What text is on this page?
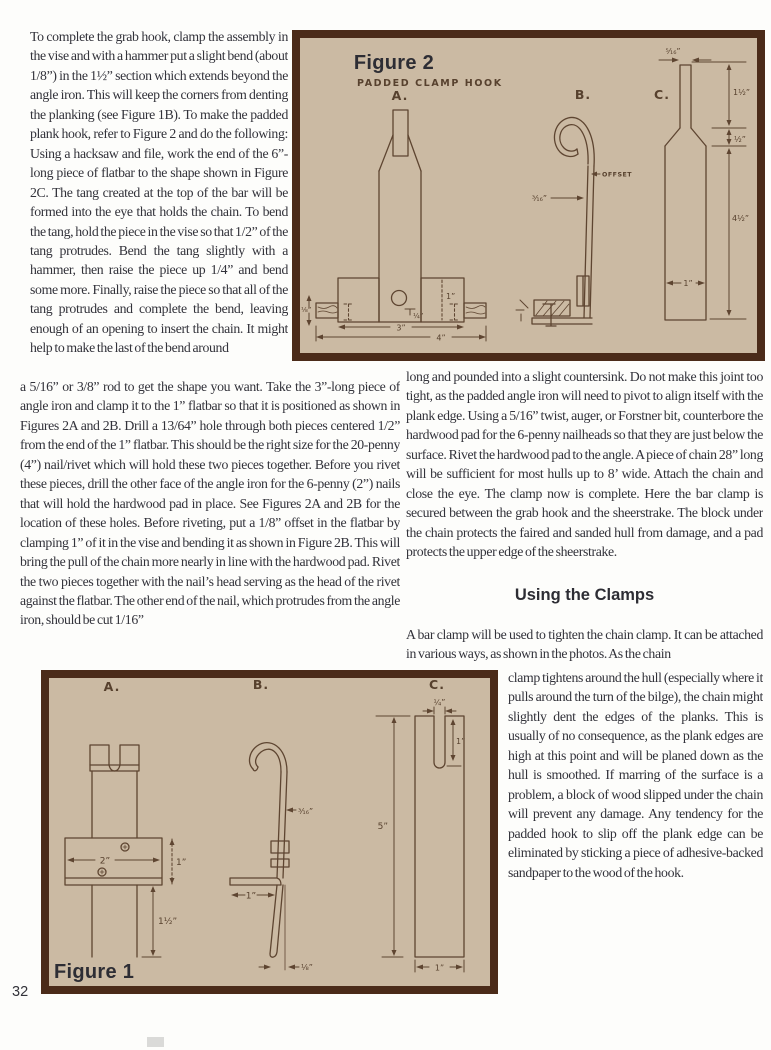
To complete the grab hook, clamp the assembly in the vise and with a hammer put a slight bend (about 1/8”) in the 1½” section which extends beyond the angle iron. This will keep the corners from denting the planking (see Figure 1B). To make the padded plank hook, refer to Figure 2 and do the following: Using a hacksaw and file, work the end of the 6”-long piece of flatbar to the shape shown in Figure 2C. The tang created at the top of the bar will be formed into the eye that holds the chain. To bend the tang, hold the piece in the vise so that 1/2” of the tang protrudes. Bend the tang slightly with a hammer, then raise the piece up 1/4” and bend some more. Finally, raise the piece so that all of the tang protrudes and complete the bend, leaving enough of an opening to insert the chain. It might help to make the last of the bend around
a 5/16” or 3/8” rod to get the shape you want. Take the 3”-long piece of angle iron and clamp it to the 1” flatbar so that it is positioned as shown in Figures 2A and 2B. Drill a 13/64” hole through both pieces centered 1/2” from the end of the 1” flatbar. This should be the right size for the 20-penny (4”) nail/rivet which will hold these two pieces together. Before you rivet these pieces, drill the other face of the angle iron for the 6-penny (2”) nails that will hold the hardwood pad in place. See Figures 2A and 2B for the location of these holes. Before riveting, put a 1/8” offset in the flatbar by clamping 1” of it in the vise and bending it as shown in Figure 2B. This will bring the pull of the chain more nearly in line with the hardwood pad. Rivet the two pieces together with the nail’s head serving as the head of the rivet against the flatbar. The other end of the nail, which protrudes from the angle iron, should be cut 1/16”
long and pounded into a slight countersink. Do not make this joint too tight, as the padded angle iron will need to pivot to align itself with the plank edge. Using a 5/16” twist, auger, or Forstner bit, counterbore the hardwood pad for the 6-penny nailheads so that they are just below the surface. Rivet the hardwood pad to the angle. A piece of chain 28” long will be sufficient for most hulls up to 8’ wide. Attach the chain and close the eye. The clamp now is complete. Here the bar clamp is secured between the grab hook and the sheerstrake. The block under the chain protects the faired and sanded hull from damage, and a pad protects the upper edge of the sheerstrake.
Using the Clamps
A bar clamp will be used to tighten the chain clamp. It can be attached in various ways, as shown in the photos. As the chain
clamp tightens around the hull (especially where it pulls around the turn of the bilge), the chain might slightly dent the edges of the planks. This is usually of no consequence, as the plank edges are high at this point and will be planed down as the hull is smoothed. If marring of the surface is a problem, a block of wood slipped under the chain will prevent any damage. Any tendency for the padded hook to slip off the plank edge can be eliminated by sticking a piece of adhesive-backed sandpaper to the wood of the hook.
Figure 2
PADDED CLAMP HOOK
A.	B.	C.
1”
¼”
3”
4”
⅛”
OFFSET
³⁄₁₆”
⁵⁄₁₆”
1½”
½”
4½”
1”
A.	B.	C.
2”	1”
1½”
1”
⅛”
³⁄₁₆”
¼”
1”
5”
1”
Figure 1
32
